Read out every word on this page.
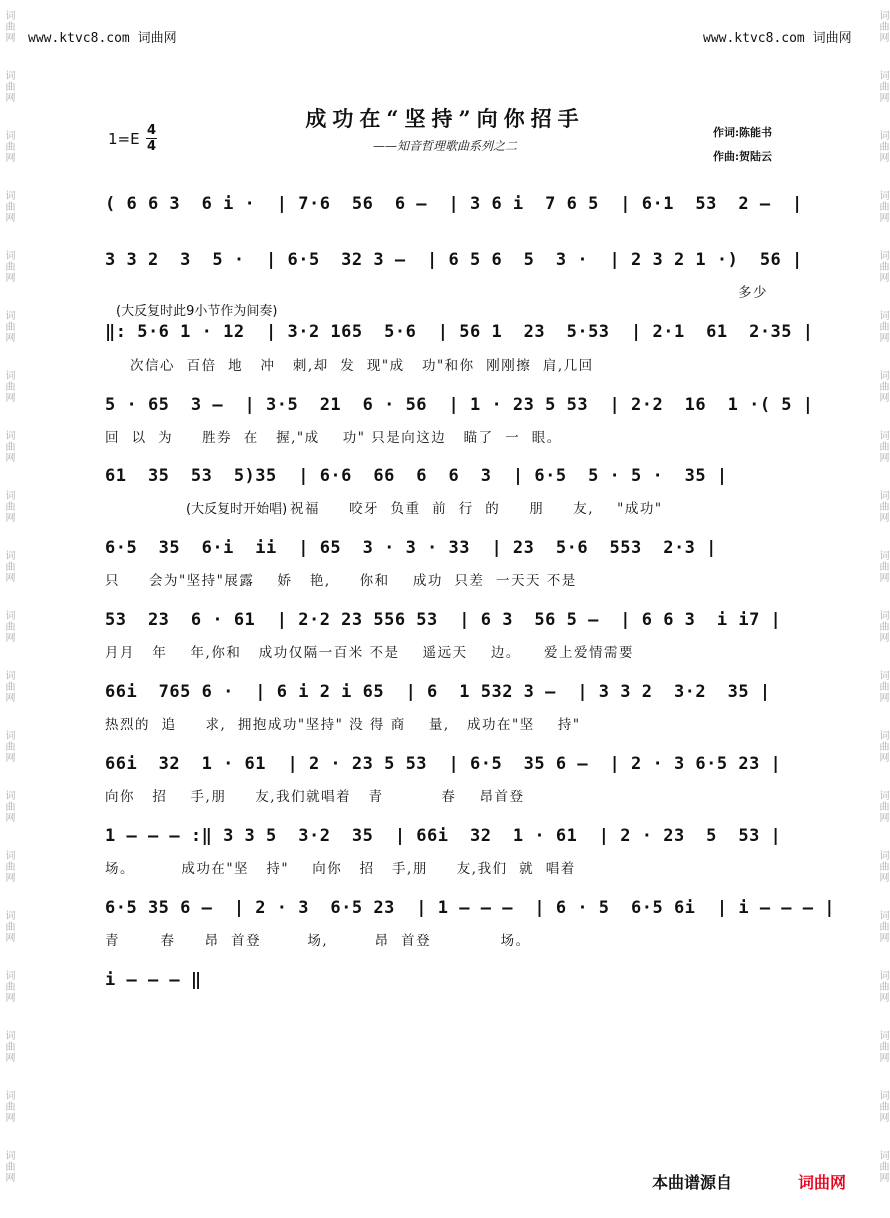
词曲网
词曲网
词曲网
词曲网
词曲网
词曲网
词曲网
词曲网
词曲网
词曲网
词曲网
词曲网
词曲网
词曲网
词曲网
词曲网
词曲网
词曲网
词曲网
词曲网
词曲网
词曲网
词曲网
词曲网
词曲网
词曲网
词曲网
词曲网
词曲网
词曲网
词曲网
词曲网
词曲网
词曲网
词曲网
词曲网
词曲网
词曲网
词曲网
词曲网
www.ktvc8.com 词曲网	www.ktvc8.com 词曲网
成功在“坚持”向你招手
——知音哲理歌曲系列之二
1=E 4
4
作词:陈能书
作曲:贺陆云
( 6 6 3  6 i ·  | 7·6  56  6 –  | 3 6 i  7 6 5  | 6·1  53  2 –  |
3 3 2  3  5 ·  | 6·5  32 3 –  | 6 5 6  5  3 ·  | 2 3 2 1 ·)  56 |
多少
(大反复时此9小节作为间奏)
‖: 5·6 1 · 12  | 3·2 165  5·6  | 56 1  23  5·53  | 2·1  61  2·35 |
次信心  百倍  地   冲   刺,却  发  现"成   功"和你  刚刚擦  肩,几回
5 · 65  3 –  | 3·5  21  6 · 56  | 1 · 23 5 53  | 2·2  16  1 ·( 5 |
回  以  为     胜券  在   握,"成    功" 只是向这边   瞄了  一  眼。
61  35  53  5)35  | 6·6  66  6  6  3  | 6·5  5 · 5 ·  35 |
(大反复时开始唱) 祝福     咬牙  负重  前  行  的     朋     友,    "成功"
6·5  35  6·i  ii  | 65  3 · 3 · 33  | 23  5·6  553  2·3 |
只     会为"坚持"展露    娇   艳,     你和    成功  只差  一天天 不是
53  23  6 · 61  | 2·2 23 556 53  | 6 3  56 5 –  | 6 6 3  i i7 |
月月   年    年,你和   成功仅隔一百米 不是    遥远天    边。    爱上爱情需要
66i  765 6 ·  | 6 i 2 i 65  | 6  1 532 3 –  | 3 3 2  3·2  35 |
热烈的  追     求,  拥抱成功"坚持" 没 得 商    量,   成功在"坚    持"
66i  32  1 · 61  | 2 · 23 5 53  | 6·5  35 6 –  | 2 · 3 6·5 23 |
向你   招    手,朋     友,我们就唱着   青          春    昂首登
1 – – – :‖ 3 3 5  3·2  35  | 66i  32  1 · 61  | 2 · 23  5  53 |
场。        成功在"坚   持"    向你   招   手,朋     友,我们  就  唱着
6·5 35 6 –  | 2 · 3  6·5 23  | 1 – – –  | 6 · 5  6·5 6i  | i – – – |
青       春     昂  首登        场,        昂  首登            场。
i – – – ‖
本曲谱源自	词曲网
